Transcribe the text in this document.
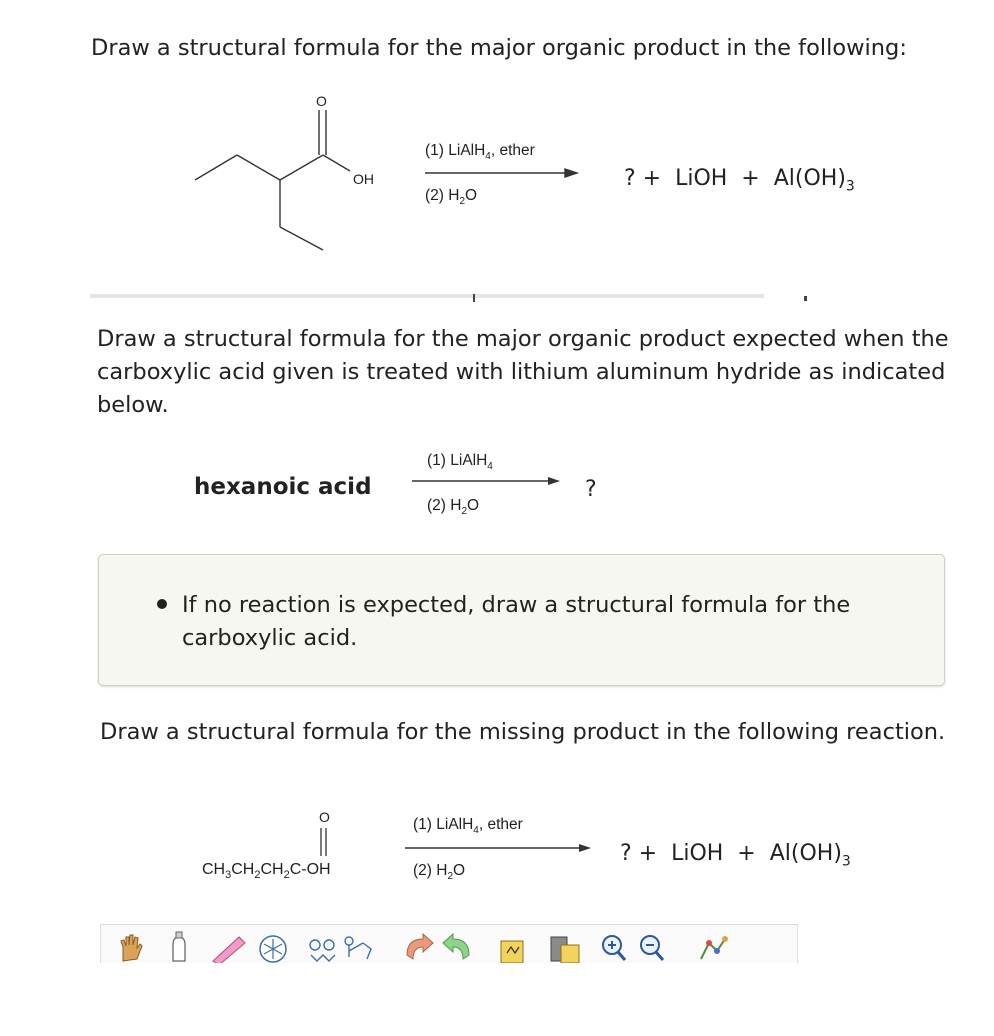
Draw a structural formula for the major organic product in the following:
O
OH
(1) LiAlH$_4$, ether
(2) $H_2O$
? +  LiOH  +  $Al(OH)_3$
Draw a structural formula for the major organic product expected when the carboxylic acid given is treated with lithium aluminum hydride as indicated below.
hexanoic acid
(1) LiAlH$_4$
(2) $H_2O$
?
If no reaction is expected, draw a structural formula for the carboxylic acid.
Draw a structural formula for the missing product in the following reaction.
O
$CH_3CH_2CH_2C-OH$
(1) LiAlH$_4$, ether
(2) $H_2O$
? +  LiOH  +  $Al(OH)_3$
